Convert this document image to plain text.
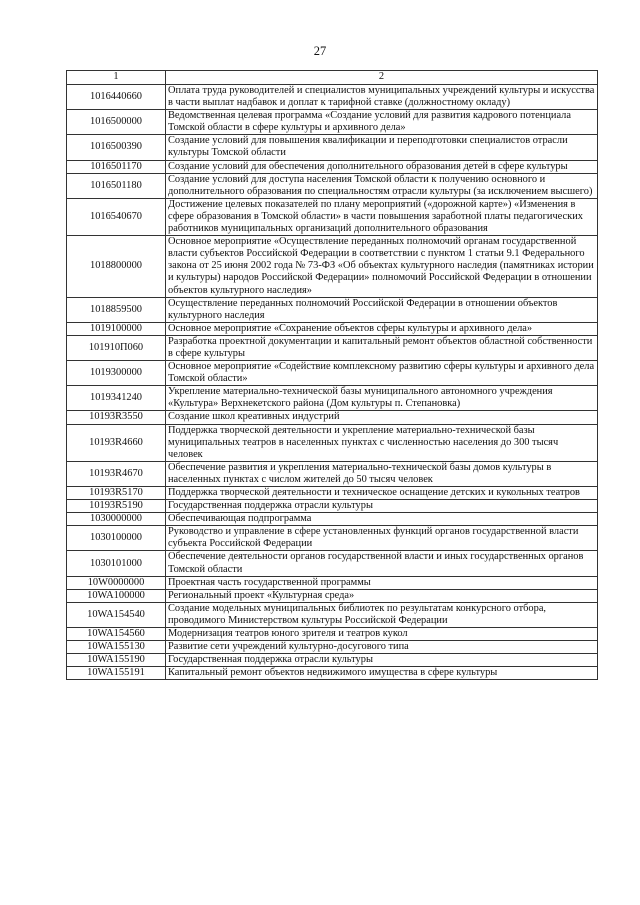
27
1	2
1016440660	Оплата труда руководителей и специалистов муниципальных учреждений культуры и искусства в части выплат надбавок и доплат к тарифной ставке (должностному окладу)
1016500000	Ведомственная целевая программа «Создание условий для развития кадрового потенциала Томской области в сфере культуры и архивного дела»
1016500390	Создание условий для повышения квалификации и переподготовки специалистов отрасли культуры Томской области
1016501170	Создание условий для обеспечения дополнительного образования детей в сфере культуры
1016501180	Создание условий для доступа населения Томской области к получению основного и дополнительного образования по специальностям отрасли культуры (за исключением высшего)
1016540670	Достижение целевых показателей по плану мероприятий («дорожной карте») «Изменения в сфере образования в Томской области» в части повышения заработной платы педагогических работников муниципальных организаций дополнительного образования
1018800000	Основное мероприятие «Осуществление переданных полномочий органам государственной власти субъектов Российской Федерации в соответствии с пунктом 1 статьи 9.1 Федерального закона от 25 июня 2002 года № 73-ФЗ «Об объектах культурного наследия (памятниках истории и культуры) народов Российской Федерации» полномочий Российской Федерации в отношении объектов культурного наследия»
1018859500	Осуществление переданных полномочий Российской Федерации в отношении объектов культурного наследия
1019100000	Основное мероприятие «Сохранение объектов сферы культуры и архивного дела»
101910П060	Разработка проектной документации и капитальный ремонт объектов областной собственности в сфере культуры
1019300000	Основное мероприятие «Содействие комплексному развитию сферы культуры и архивного дела Томской области»
1019341240	Укрепление материально-технической базы муниципального автономного учреждения «Культура» Верхнекетского района (Дом культуры п. Степановка)
10193R3550	Создание школ креативных индустрий
10193R4660	Поддержка творческой деятельности и укрепление материально-технической базы муниципальных театров в населенных пунктах с численностью населения до 300 тысяч человек
10193R4670	Обеспечение развития и укрепления материально-технической базы домов культуры в населенных пунктах с числом жителей до 50 тысяч человек
10193R5170	Поддержка творческой деятельности и техническое оснащение детских и кукольных театров
10193R5190	Государственная поддержка отрасли культуры
1030000000	Обеспечивающая подпрограмма
1030100000	Руководство и управление в сфере установленных функций органов государственной власти субъекта Российской Федерации
1030101000	Обеспечение деятельности органов государственной власти и иных государственных органов Томской области
10W0000000	Проектная часть государственной программы
10WA100000	Региональный проект «Культурная среда»
10WA154540	Создание модельных муниципальных библиотек по результатам конкурсного отбора, проводимого Министерством культуры Российской Федерации
10WA154560	Модернизация театров юного зрителя и театров кукол
10WA155130	Развитие сети учреждений культурно-досугового типа
10WA155190	Государственная поддержка отрасли культуры
10WA155191	Капитальный ремонт объектов недвижимого имущества в сфере культуры
